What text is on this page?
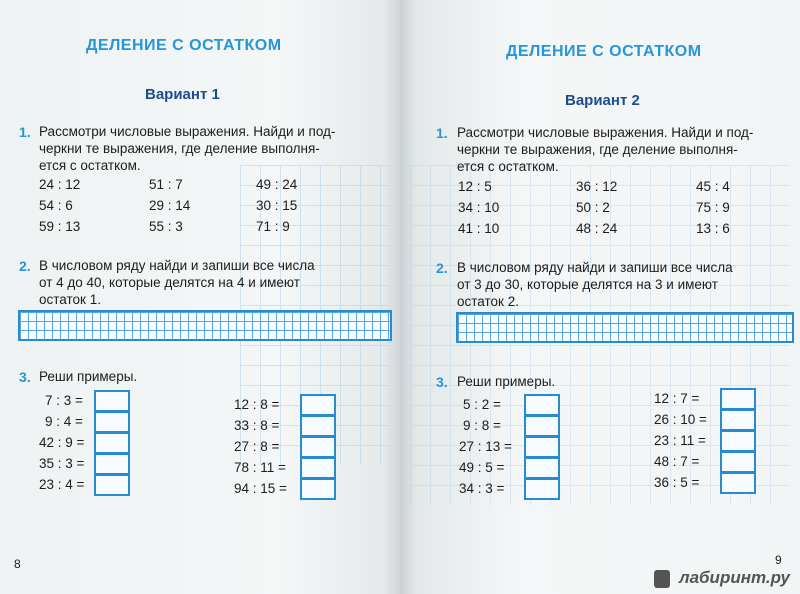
ДЕЛЕНИЕ С ОСТАТКОМ
Вариант 1
1. Рассмотри числовые выражения. Найди и под-
черкни те выражения, где деление выполня-
ется с остатком.
24 : 12	51 : 7	49 : 24
54 : 6	29 : 14	30 : 15
59 : 13	55 : 3	71 : 9
2. В числовом ряду найди и запиши все числа
от 4 до 40, которые делятся на 4 и имеют
остаток 1.
3. Реши примеры.
7 : 3 =
9 : 4 =
42 : 9 =
35 : 3 =
23 : 4 =
12 : 8 =
33 : 8 =
27 : 8 =
78 : 11 =
94 : 15 =
8
ДЕЛЕНИЕ С ОСТАТКОМ
Вариант 2
1. Рассмотри числовые выражения. Найди и под-
черкни те выражения, где деление выполня-
ется с остатком.
12 : 5	36 : 12	45 : 4
34 : 10	50 : 2	75 : 9
41 : 10	48 : 24	13 : 6
2. В числовом ряду найди и запиши все числа
от 3 до 30, которые делятся на 3 и имеют
остаток 2.
3. Реши примеры.
5 : 2 =
9 : 8 =
27 : 13 =
49 : 5 =
34 : 3 =
12 : 7 =
26 : 10 =
23 : 11 =
48 : 7 =
36 : 5 =
9
лабиринт.ру
